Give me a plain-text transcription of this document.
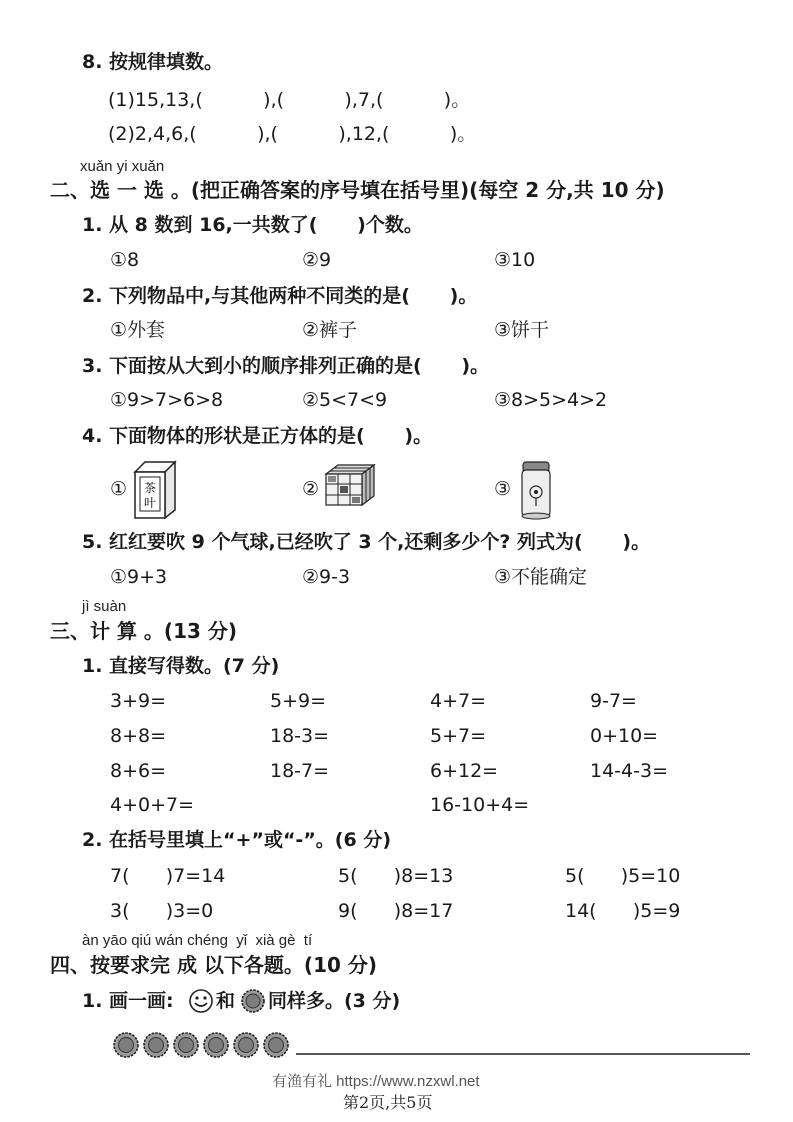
8. 按规律填数。
(1)15,13,(          ),(          ),7,(          )。
(2)2,4,6,(          ),(          ),12,(          )。
xuǎn yi xuǎn
二、选 一 选 。(把正确答案的序号填在括号里)(每空 2 分,共 10 分)
1. 从 8 数到 16,一共数了(      )个数。
①8	②9	③10
2. 下列物品中,与其他两种不同类的是(      )。
①外套	②裤子	③饼干
3. 下面按从大到小的顺序排列正确的是(      )。
①9>7>6>8	②5<7<9	③8>5>4>2
4. 下面物体的形状是正方体的是(      )。
① 茶
叶
②	③
5. 红红要吹 9 个气球,已经吹了 3 个,还剩多少个? 列式为(      )。
①9+3	②9-3	③不能确定
jì suàn
三、计 算 。(13 分)
1. 直接写得数。(7 分)
3+9=	5+9=	4+7=	9-7=
8+8=	18-3=	5+7=	0+10=
8+6=	18-7=	6+12=	14-4-3=
4+0+7=	16-10+4=
2. 在括号里填上“+”或“-”。(6 分)
7(      )7=14	5(      )8=13	5(      )5=10
3(      )3=0	9(      )8=17	14(      )5=9
àn yāo qiú wán chéng  yǐ  xià gè  tí
四、按要求完 成 以下各题。(10 分)
1. 画一画: 和 同样多。(3 分)
有渔有礼 https://www.nzxwl.net
第2页,共5页
